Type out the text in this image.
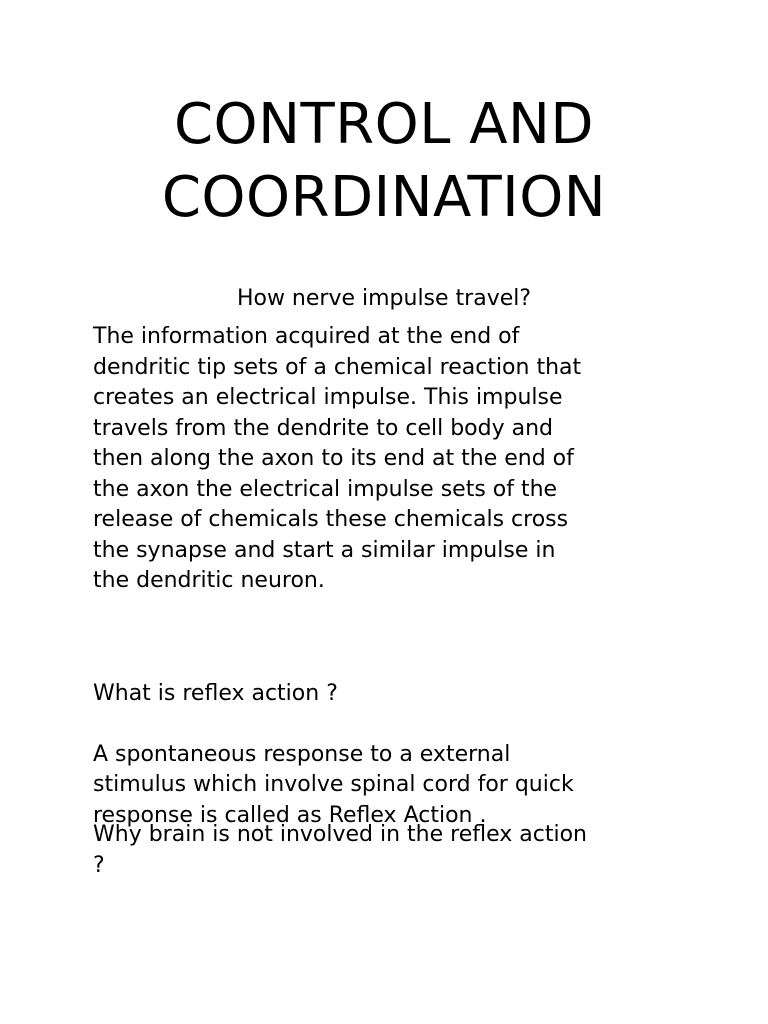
CONTROL AND
COORDINATION

How nerve impulse travel?

The information acquired at the end of
dendritic tip sets of a chemical reaction that
creates an electrical impulse. This impulse
travels from the dendrite to cell body and
then along the axon to its end at the end of
the axon the electrical impulse sets of the
release of chemicals these chemicals cross
the synapse and start a similar impulse in
the dendritic neuron.

What is reflex action ?

A spontaneous response to a external
stimulus which involve spinal cord for quick
response is called as Reflex Action .

Why brain is not involved in the reflex action
?
